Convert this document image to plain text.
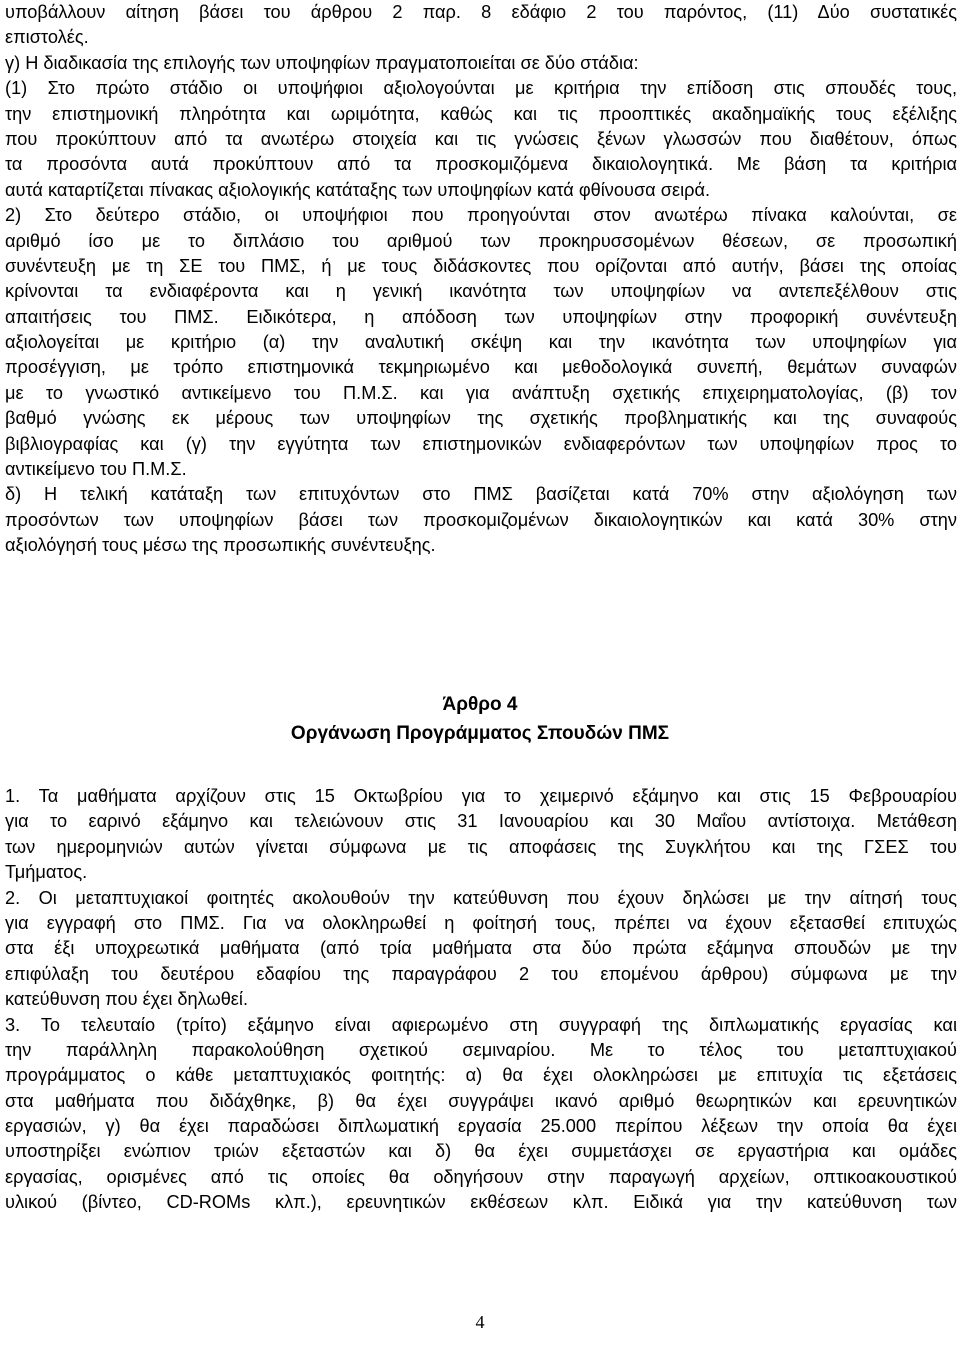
υποβάλλουν αίτηση βάσει του άρθρου 2 παρ. 8 εδάφιο 2 του παρόντος, (11) Δύο συστατικές
επιστολές.
γ) Η διαδικασία της επιλογής των υποψηφίων πραγματοποιείται σε δύο στάδια:
(1) Στο πρώτο στάδιο οι υποψήφιοι αξιολογούνται με κριτήρια την επίδοση στις σπουδές τους,
την επιστημονική πληρότητα και ωριμότητα, καθώς και τις προοπτικές ακαδημαϊκής τους εξέλιξης
που προκύπτουν από τα ανωτέρω στοιχεία και τις γνώσεις ξένων γλωσσών που διαθέτουν, όπως
τα προσόντα αυτά προκύπτουν από τα προσκομιζόμενα δικαιολογητικά. Με βάση τα κριτήρια
αυτά καταρτίζεται πίνακας αξιολογικής κατάταξης των υποψηφίων κατά φθίνουσα σειρά.
2) Στο δεύτερο στάδιο, οι υποψήφιοι που προηγούνται στον ανωτέρω πίνακα καλούνται, σε
αριθμό ίσο με το διπλάσιο του αριθμού των προκηρυσσομένων θέσεων, σε προσωπική
συνέντευξη με τη ΣΕ του ΠΜΣ, ή με τους διδάσκοντες που ορίζονται από αυτήν, βάσει της οποίας
κρίνονται τα ενδιαφέροντα και η γενική ικανότητα των υποψηφίων να αντεπεξέλθουν στις
απαιτήσεις του ΠΜΣ. Ειδικότερα, η απόδοση των υποψηφίων στην προφορική συνέντευξη
αξιολογείται με κριτήριο (α) την αναλυτική σκέψη και την ικανότητα των υποψηφίων για
προσέγγιση, με τρόπο επιστημονικά τεκμηριωμένο και μεθοδολογικά συνεπή, θεμάτων συναφών
με το γνωστικό αντικείμενο του Π.Μ.Σ. και για ανάπτυξη σχετικής επιχειρηματολογίας, (β) τον
βαθμό γνώσης εκ μέρους των υποψηφίων της σχετικής προβληματικής και της συναφούς
βιβλιογραφίας και (γ) την εγγύτητα των επιστημονικών ενδιαφερόντων των υποψηφίων προς το
αντικείμενο του Π.Μ.Σ.
δ) Η τελική κατάταξη των επιτυχόντων στο ΠΜΣ βασίζεται κατά 70% στην αξιολόγηση των
προσόντων των υποψηφίων βάσει των προσκομιζομένων δικαιολογητικών και κατά 30% στην
αξιολόγησή τους μέσω της προσωπικής συνέντευξης.
Άρθρο 4
Οργάνωση Προγράμματος Σπουδών ΠΜΣ
1. Τα μαθήματα αρχίζουν στις 15 Οκτωβρίου για το χειμερινό εξάμηνο και στις 15 Φεβρουαρίου
για το εαρινό εξάμηνο και τελειώνουν στις 31 Ιανουαρίου και 30 Μαΐου αντίστοιχα. Μετάθεση
των ημερομηνιών αυτών γίνεται σύμφωνα με τις αποφάσεις της Συγκλήτου και της ΓΣΕΣ του
Τμήματος.
2. Οι μεταπτυχιακοί φοιτητές ακολουθούν την κατεύθυνση που έχουν δηλώσει με την αίτησή τους
για εγγραφή στο ΠΜΣ. Για να ολοκληρωθεί η φοίτησή τους, πρέπει να έχουν εξετασθεί επιτυχώς
στα έξι υποχρεωτικά μαθήματα (από τρία μαθήματα στα δύο πρώτα εξάμηνα σπουδών με την
επιφύλαξη του δευτέρου εδαφίου της παραγράφου 2 του επομένου άρθρου) σύμφωνα με την
κατεύθυνση που έχει δηλωθεί.
3. Το τελευταίο (τρίτο) εξάμηνο είναι αφιερωμένο στη συγγραφή της διπλωματικής εργασίας και
την παράλληλη παρακολούθηση σχετικού σεμιναρίου. Με το τέλος του μεταπτυχιακού
προγράμματος ο κάθε μεταπτυχιακός φοιτητής: α) θα έχει ολοκληρώσει με επιτυχία τις εξετάσεις
στα μαθήματα που διδάχθηκε, β) θα έχει συγγράψει ικανό αριθμό θεωρητικών και ερευνητικών
εργασιών, γ) θα έχει παραδώσει διπλωματική εργασία 25.000 περίπου λέξεων την οποία θα έχει
υποστηρίξει ενώπιον τριών εξεταστών και δ) θα έχει συμμετάσχει σε εργαστήρια και ομάδες
εργασίας, ορισμένες από τις οποίες θα οδηγήσουν στην παραγωγή αρχείων, οπτικοακουστικού
υλικού (βίντεο, CD-ROMs κλπ.), ερευνητικών εκθέσεων κλπ. Ειδικά για την κατεύθυνση των
4
